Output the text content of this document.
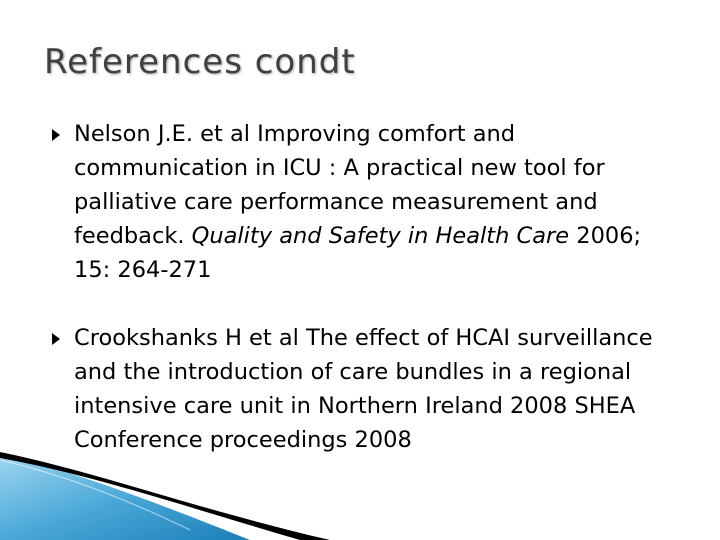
References condt
Nelson J.E. et al Improving comfort and communication in ICU : A practical new tool for palliative care performance measurement and feedback. Quality and Safety in Health Care 2006; 15: 264-271
Crookshanks H et al The effect of HCAI surveillance and the introduction of care bundles in a regional intensive care unit in Northern Ireland 2008 SHEA Conference proceedings 2008
